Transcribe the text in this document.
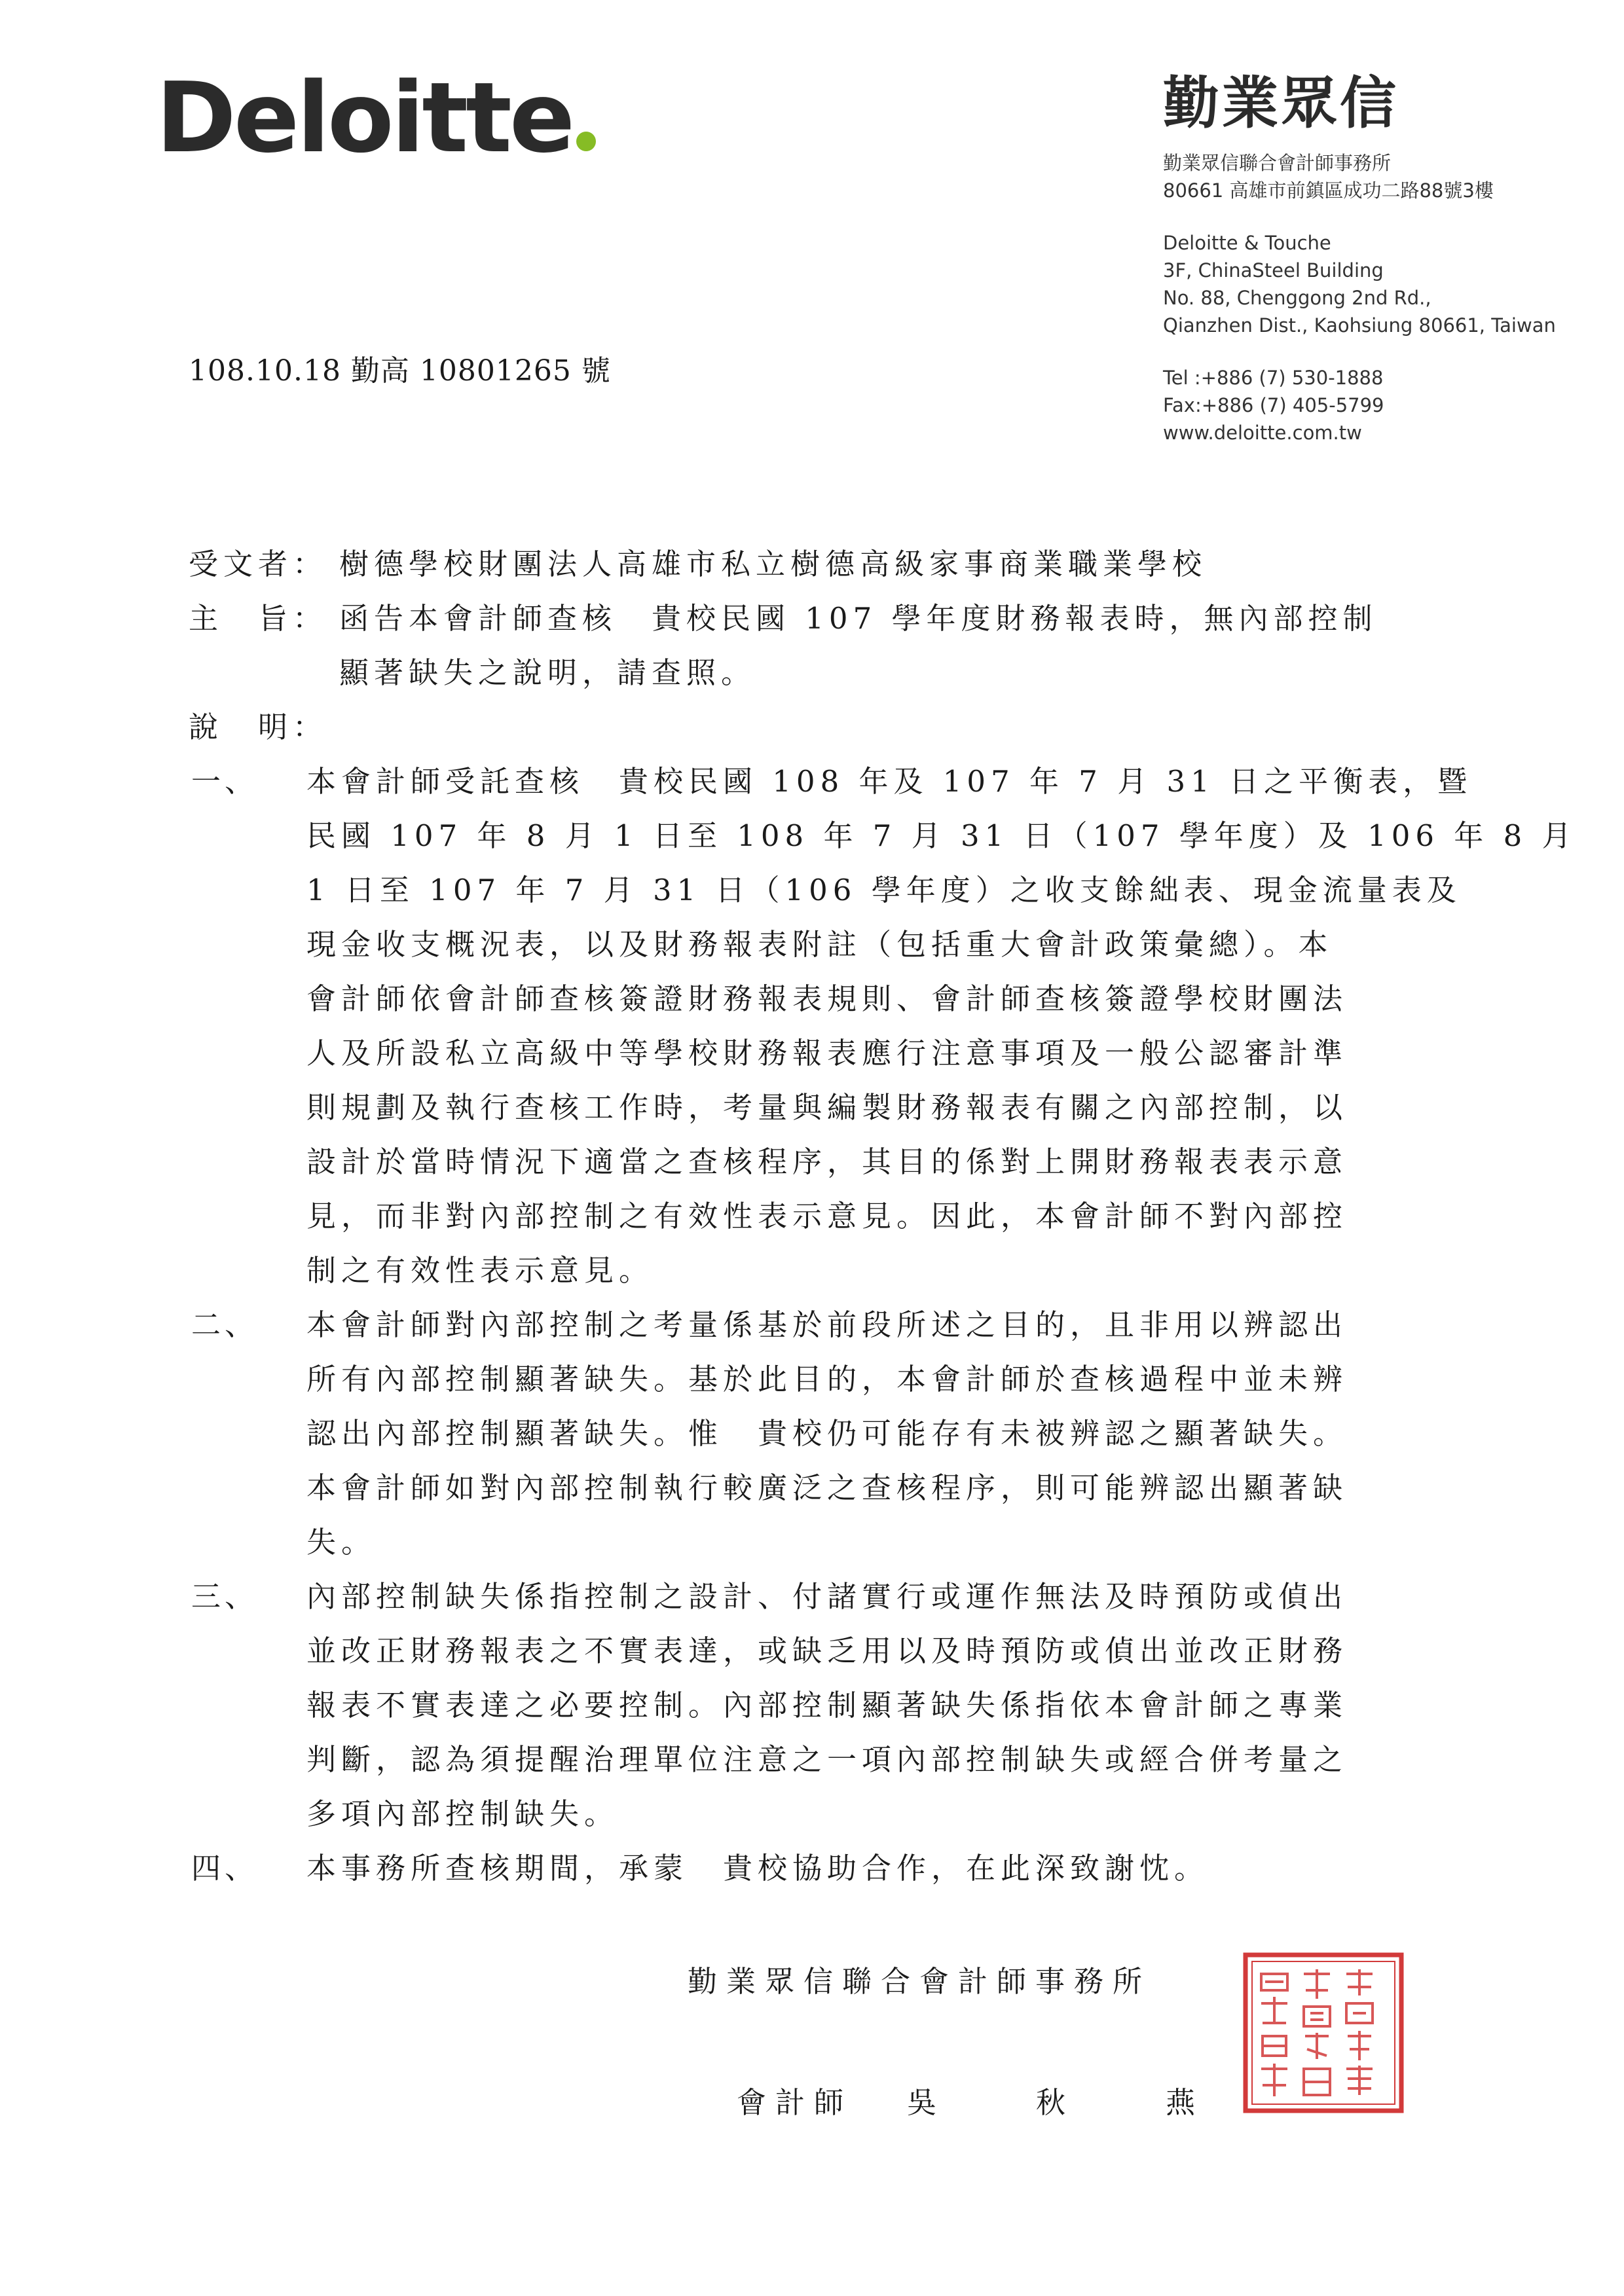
Deloitte	勤業眾信
勤業眾信聯合會計師事務所
80661 高雄市前鎮區成功二路88號3樓
Deloitte & Touche
3F, ChinaSteel Building
No. 88, Chenggong 2nd Rd.,
Qianzhen Dist., Kaohsiung 80661, Taiwan
Tel :+886 (7) 530-1888
Fax:+886 (7) 405-5799
www.deloitte.com.tw
108.10.18 勤高 10801265 號
受文者： 樹德學校財團法人高雄市私立樹德高級家事商業職業學校
主　旨： 函告本會計師查核　貴校民國 107 學年度財務報表時，無內部控制
顯著缺失之說明，請查照。
說　明：
一、 本會計師受託查核　貴校民國 108 年及 107 年 7 月 31 日之平衡表，暨
民國 107 年 8 月 1 日至 108 年 7 月 31 日（107 學年度）及 106 年 8 月
1 日至 107 年 7 月 31 日（106 學年度）之收支餘絀表、現金流量表及
現金收支概況表，以及財務報表附註（包括重大會計政策彙總）。本
會計師依會計師查核簽證財務報表規則、會計師查核簽證學校財團法
人及所設私立高級中等學校財務報表應行注意事項及一般公認審計準
則規劃及執行查核工作時，考量與編製財務報表有關之內部控制，以
設計於當時情況下適當之查核程序，其目的係對上開財務報表表示意
見，而非對內部控制之有效性表示意見。因此，本會計師不對內部控
制之有效性表示意見。
二、 本會計師對內部控制之考量係基於前段所述之目的，且非用以辨認出
所有內部控制顯著缺失。基於此目的，本會計師於查核過程中並未辨
認出內部控制顯著缺失。惟　貴校仍可能存有未被辨認之顯著缺失。
本會計師如對內部控制執行較廣泛之查核程序，則可能辨認出顯著缺
失。
三、 內部控制缺失係指控制之設計、付諸實行或運作無法及時預防或偵出
並改正財務報表之不實表達，或缺乏用以及時預防或偵出並改正財務
報表不實表達之必要控制。內部控制顯著缺失係指依本會計師之專業
判斷，認為須提醒治理單位注意之一項內部控制缺失或經合併考量之
多項內部控制缺失。
四、 本事務所查核期間，承蒙　貴校協助合作，在此深致謝忱。
勤業眾信聯合會計師事務所
會計師 吳	秋	燕
